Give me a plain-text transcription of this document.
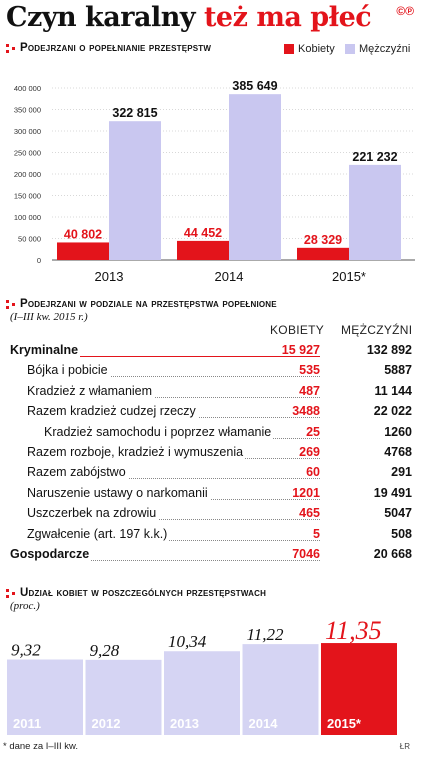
Czyn karalny też ma płeć ©℗
Podejrzani o popełnianie przestępstw	Kobiety Mężczyźni
0
50 000
100 000
150 000
200 000
250 000
300 000
350 000
400 000
40 802
322 815
2013
44 452
385 649
2014
28 329
221 232
2015*
Podejrzani w podziale na przestępstwa popełnione
(I–III kw. 2015 r.)
KOBIETY MĘŻCZYŹNI
Kryminalne	15 927	132 892
Bójka i pobicie	535	5887
Kradzież z włamaniem	487	11 144
Razem kradzież cudzej rzeczy	3488	22 022
Kradzież samochodu i poprzez włamanie	25	1260
Razem rozboje, kradzież i wymuszenia	269	4768
Razem zabójstwo	60	291
Naruszenie ustawy o narkomanii	1201	19 491
Uszczerbek na zdrowiu	465	5047
Zgwałcenie (art. 197 k.k.)	5	508
Gospodarcze	7046	20 668
Udział kobiet w poszczególnych przestępstwach
(proc.)
9,32
2011
9,28
2012
10,34
2013
11,22
2014
11,35
2015*
* dane za I–III kw.	ŁR
